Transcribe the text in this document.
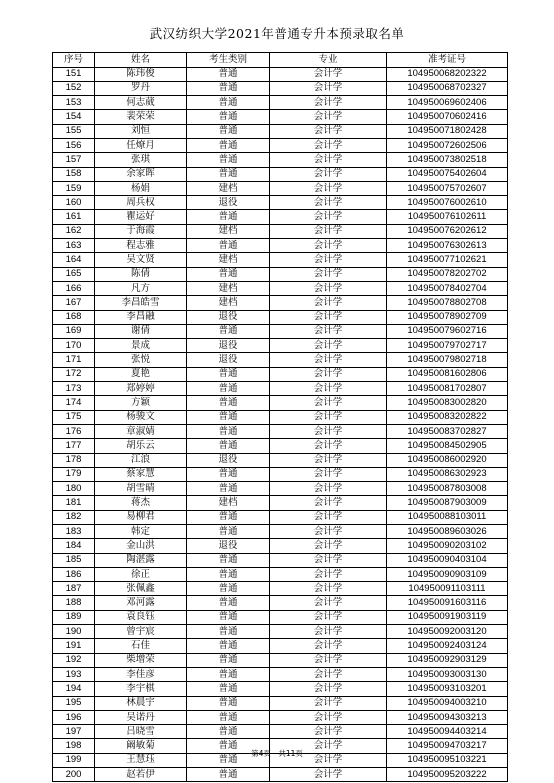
武汉纺织大学2021年普通专升本预录取名单
序号	姓名	考生类别	专业	准考证号
151	陈玮俊	普通	会计学	104950068202322
152	罗丹	普通	会计学	104950068702327
153	何志葳	普通	会计学	104950069602406
154	裴荣荣	普通	会计学	104950070602416
155	刘恒	普通	会计学	104950071802428
156	任燎月	普通	会计学	104950072602506
157	张琪	普通	会计学	104950073802518
158	余家晖	普通	会计学	104950075402604
159	杨娟	建档	会计学	104950075702607
160	周兵权	退役	会计学	104950076002610
161	瞿运好	普通	会计学	104950076102611
162	于海霞	建档	会计学	104950076202612
163	程志雅	普通	会计学	104950076302613
164	吴文贤	建档	会计学	104950077102621
165	陈倩	普通	会计学	104950078202702
166	凡方	建档	会计学	104950078402704
167	李昌皓雪	建档	会计学	104950078802708
168	李昌融	退役	会计学	104950078902709
169	谢倩	普通	会计学	104950079602716
170	景成	退役	会计学	104950079702717
171	张悦	退役	会计学	104950079802718
172	夏艳	普通	会计学	104950081602806
173	郑婷婷	普通	会计学	104950081702807
174	方颖	普通	会计学	104950083002820
175	杨骏文	普通	会计学	104950083202822
176	章淑婧	普通	会计学	104950083702827
177	胡乐云	普通	会计学	104950084502905
178	江浪	退役	会计学	104950086002920
179	蔡家慧	普通	会计学	104950086302923
180	胡雪晴	普通	会计学	104950087803008
181	蒋杰	建档	会计学	104950087903009
182	易柳君	普通	会计学	104950088103011
183	韩定	普通	会计学	104950089603026
184	金山洪	退役	会计学	104950090203102
185	陶湛露	普通	会计学	104950090403104
186	徐正	普通	会计学	104950090903109
187	张佩鑫	普通	会计学	104950091103111
188	邓河露	普通	会计学	104950091603116
189	袁良钰	普通	会计学	104950091903119
190	曾宇宸	普通	会计学	104950092003120
191	石佳	普通	会计学	104950092403124
192	柴增荣	普通	会计学	104950092903129
193	李佳彦	普通	会计学	104950093003130
194	李宇棋	普通	会计学	104950093103201
195	林晨宇	普通	会计学	104950094003210
196	吴诺丹	普通	会计学	104950094303213
197	吕晓雪	普通	会计学	104950094403214
198	阚敏菊	普通	会计学	104950094703217
199	王慧珏	普通	会计学	104950095103221
200	赵若伊	普通	会计学	104950095203222
第4页　共11页
